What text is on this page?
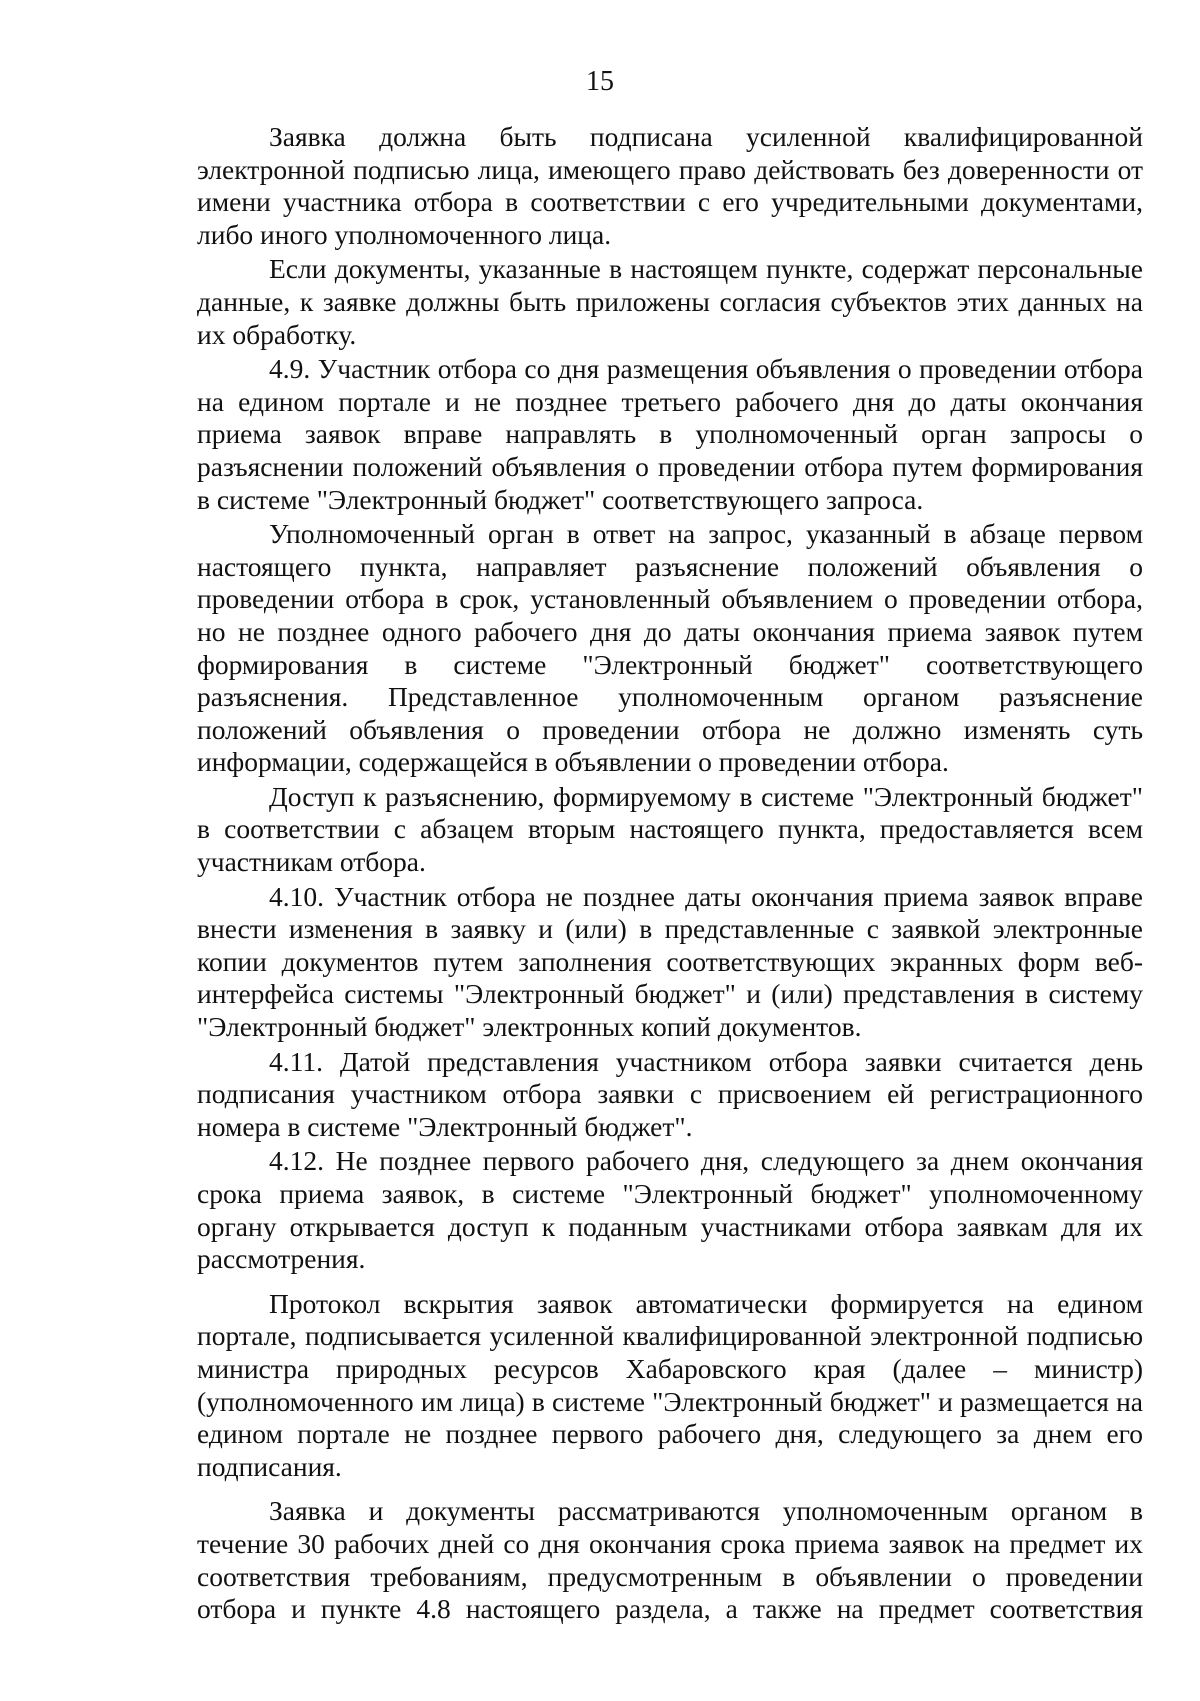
15

Заявка должна быть подписана усиленной квалифицированной электронной подписью лица, имеющего право действовать без доверенности от имени участника отбора в соответствии с его учредительными документами, либо иного уполномоченного лица.

Если документы, указанные в настоящем пункте, содержат персональные данные, к заявке должны быть приложены согласия субъектов этих данных на их обработку.

4.9. Участник отбора со дня размещения объявления о проведении отбора на едином портале и не позднее третьего рабочего дня до даты окончания приема заявок вправе направлять в уполномоченный орган запросы о разъяснении положений объявления о проведении отбора путем формирования в системе "Электронный бюджет" соответствующего запроса.

Уполномоченный орган в ответ на запрос, указанный в абзаце первом настоящего пункта, направляет разъяснение положений объявления о проведении отбора в срок, установленный объявлением о проведении отбора, но не позднее одного рабочего дня до даты окончания приема заявок путем формирования в системе "Электронный бюджет" соответствующего разъяснения. Представленное уполномоченным органом разъяснение положений объявления о проведении отбора не должно изменять суть информации, содержащейся в объявлении о проведении отбора.

Доступ к разъяснению, формируемому в системе "Электронный бюджет" в соответствии с абзацем вторым настоящего пункта, предоставляется всем участникам отбора.

4.10. Участник отбора не позднее даты окончания приема заявок вправе внести изменения в заявку и (или) в представленные с заявкой электронные копии документов путем заполнения соответствующих экранных форм веб-интерфейса системы "Электронный бюджет" и (или) представления в систему "Электронный бюджет" электронных копий документов.

4.11. Датой представления участником отбора заявки считается день подписания участником отбора заявки с присвоением ей регистрационного номера в системе "Электронный бюджет".

4.12. Не позднее первого рабочего дня, следующего за днем окончания срока приема заявок, в системе "Электронный бюджет" уполномоченному органу открывается доступ к поданным участниками отбора заявкам для их рассмотрения.

Протокол вскрытия заявок автоматически формируется на едином портале, подписывается усиленной квалифицированной электронной подписью министра природных ресурсов Хабаровского края (далее – министр) (уполномоченного им лица) в системе "Электронный бюджет" и размещается на едином портале не позднее первого рабочего дня, следующего за днем его подписания.

Заявка и документы рассматриваются уполномоченным органом в течение 30 рабочих дней со дня окончания срока приема заявок на предмет их соответствия требованиям, предусмотренным в объявлении о проведении отбора и пункте 4.8 настоящего раздела, а также на предмет соответствия
